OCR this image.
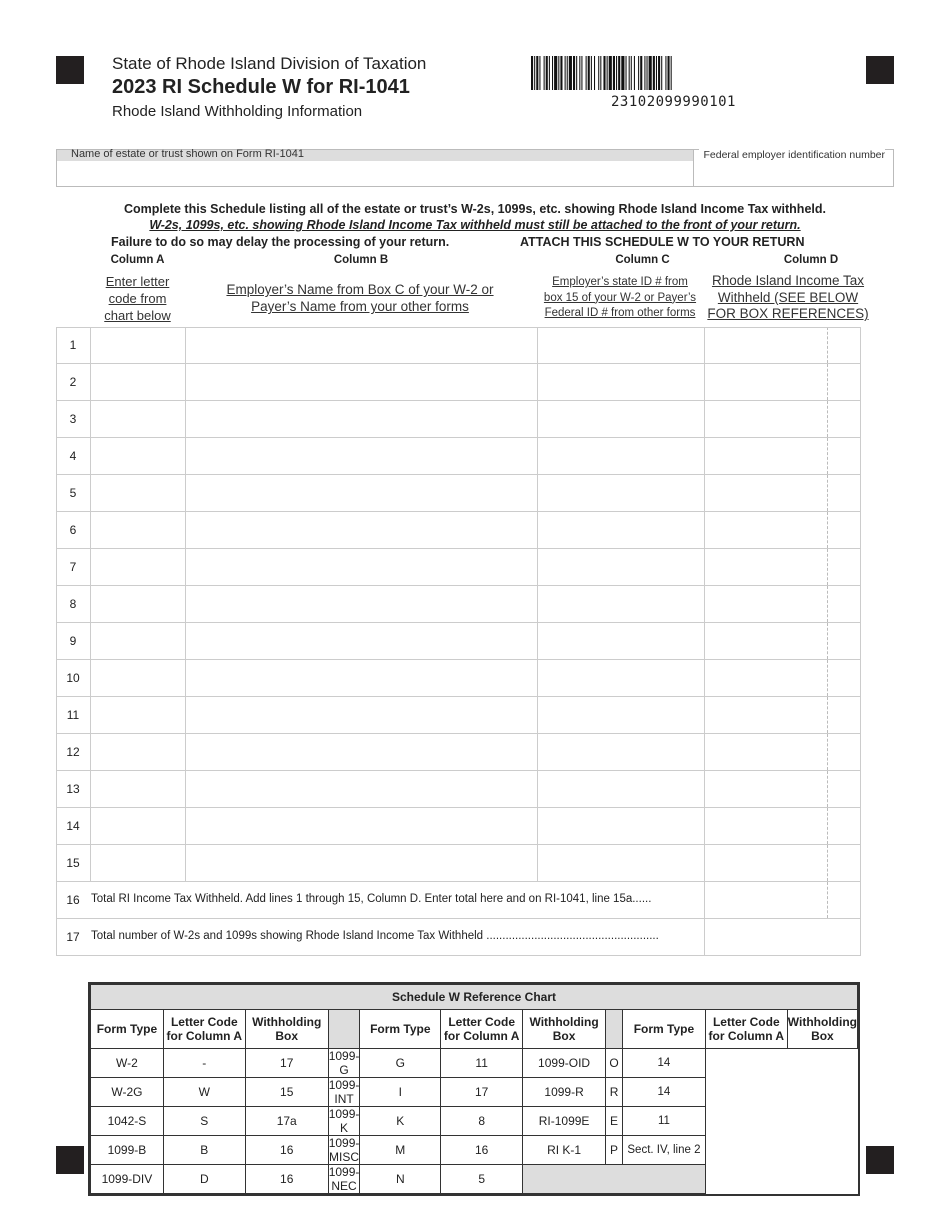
State of Rhode Island Division of Taxation
2023 RI Schedule W for RI-1041
Rhode Island Withholding Information
23102099990101
Name of estate or trust shown on Form RI-1041	Federal employer identification number
Complete this Schedule listing all of the estate or trust’s W-2s, 1099s, etc. showing Rhode Island Income Tax withheld.
W-2s, 1099s, etc. showing Rhode Island Income Tax withheld must still be attached to the front of your return.
Failure to do so may delay the processing of your return.	ATTACH THIS SCHEDULE W TO YOUR RETURN
Column A	Column B	Column C	Column D
Enter letter
code from
chart below
Employer’s Name from Box C of your W-2 or
Payer’s Name from your other forms
Employer’s state ID # from
box 15 of your W-2 or Payer’s
Federal ID # from other forms
Rhode Island Income Tax
Withheld (SEE BELOW
FOR BOX REFERENCES)
1
2
3
4
5
6
7
8
9
10
11
12
13
14
15
16 Total RI Income Tax Withheld. Add lines 1 through 15, Column D. Enter total here and on RI-1041, line 15a......
17 Total number of W-2s and 1099s showing Rhode Island Income Tax Withheld ......................................................
Schedule W Reference Chart										
Form Type	Letter Code for Column A	Withholding Box		Form Type	Letter Code for Column A	Withholding Box		Form Type	Letter Code for Column A	Withholding Box
W-2	-	17	1099-G	G	11	1099-OID	O	14		
W-2G	W	15	1099-INT	I	17	1099-R	R	14		
1042-S	S	17a	1099-K	K	8	RI-1099E	E	11		
1099-B	B	16	1099-MISC	M	16	RI K-1	P	Sect. IV, line 2		
1099-DIV	D	16	1099-NEC	N	5					
